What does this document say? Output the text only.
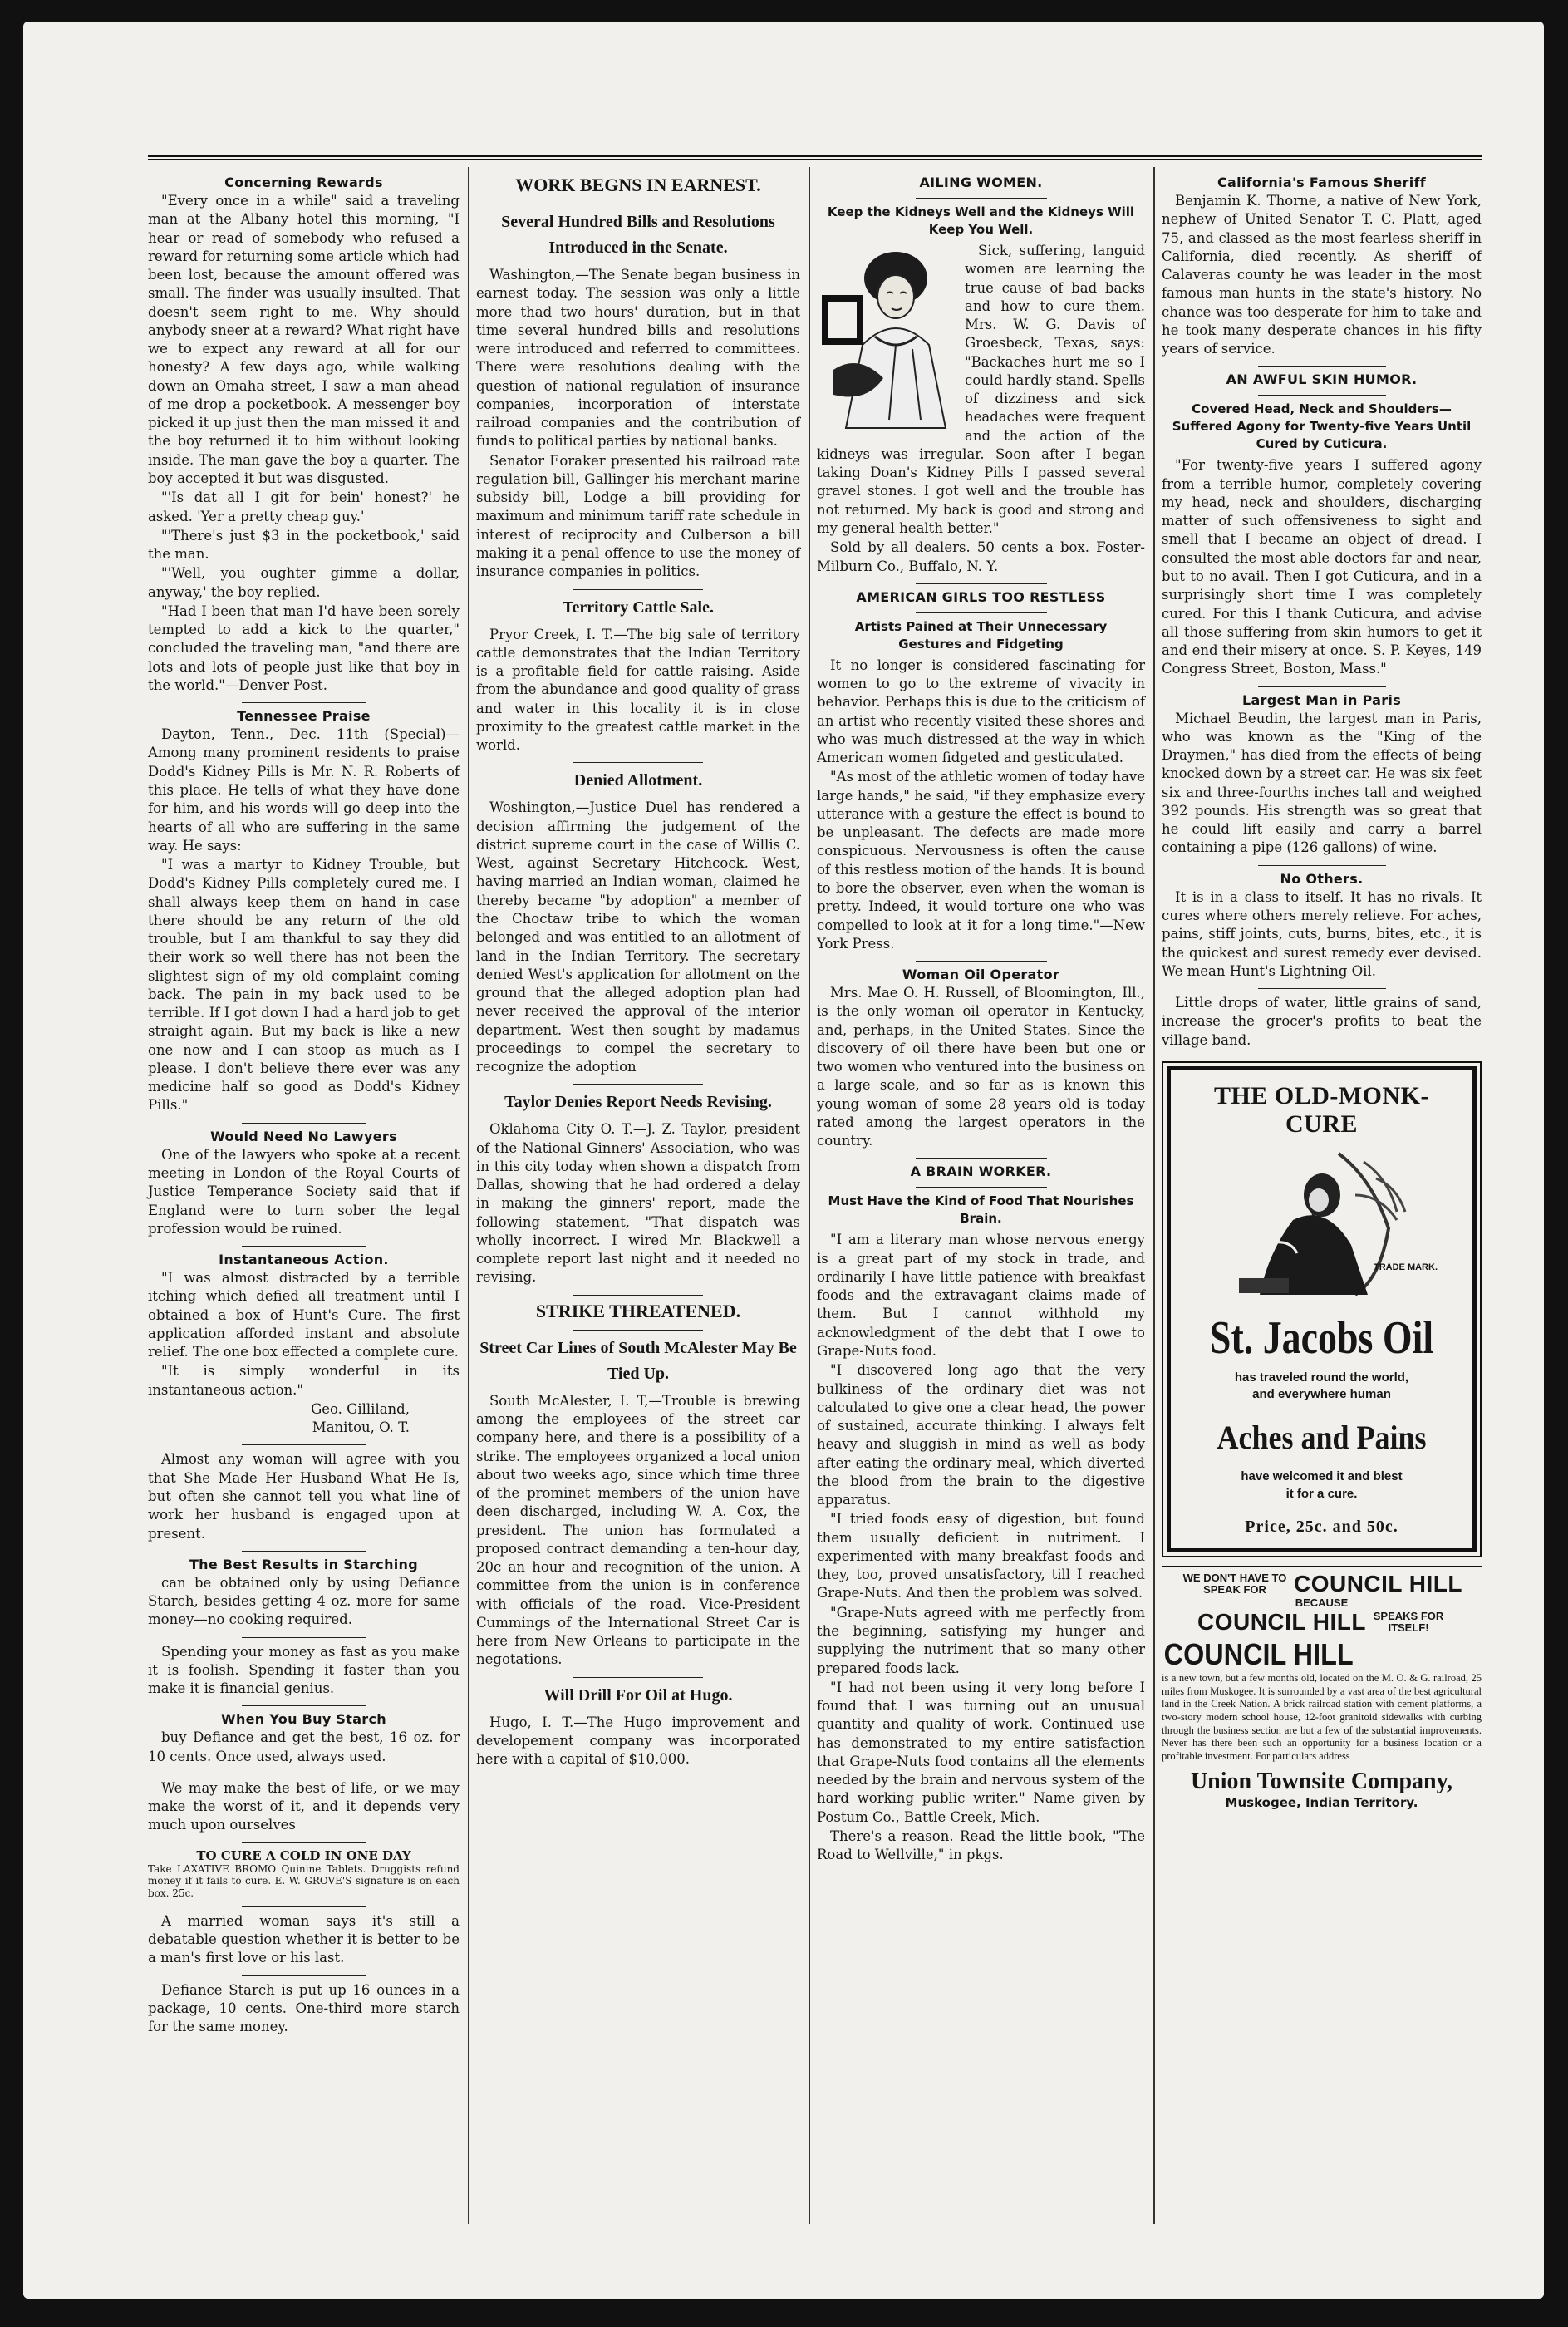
Concerning Rewards

"Every once in a while" said a traveling man at the Albany hotel this morning, "I hear or read of somebody who refused a reward for returning some article which had been lost, because the amount offered was small. The finder was usually insulted. That doesn't seem right to me. Why should anybody sneer at a reward? What right have we to expect any reward at all for our honesty? A few days ago, while walking down an Omaha street, I saw a man ahead of me drop a pocketbook. A messenger boy picked it up just then the man missed it and the boy returned it to him without looking inside. The man gave the boy a quarter. The boy accepted it but was disgusted.

"'Is dat all I git for bein' honest?' he asked. 'Yer a pretty cheap guy.'

"'There's just $3 in the pocketbook,' said the man.

"'Well, you oughter gimme a dollar, anyway,' the boy replied.

"Had I been that man I'd have been sorely tempted to add a kick to the quarter," concluded the traveling man, "and there are lots and lots of people just like that boy in the world."—Denver Post.

Tennessee Praise

Dayton, Tenn., Dec. 11th (Special)—Among many prominent residents to praise Dodd's Kidney Pills is Mr. N. R. Roberts of this place. He tells of what they have done for him, and his words will go deep into the hearts of all who are suffering in the same way. He says:

"I was a martyr to Kidney Trouble, but Dodd's Kidney Pills completely cured me. I shall always keep them on hand in case there should be any return of the old trouble, but I am thankful to say they did their work so well there has not been the slightest sign of my old complaint coming back. The pain in my back used to be terrible. If I got down I had a hard job to get straight again. But my back is like a new one now and I can stoop as much as I please. I don't believe there ever was any medicine half so good as Dodd's Kidney Pills."

Would Need No Lawyers

One of the lawyers who spoke at a recent meeting in London of the Royal Courts of Justice Temperance Society said that if England were to turn sober the legal profession would be ruined.

Instantaneous Action.

"I was almost distracted by a terrible itching which defied all treatment until I obtained a box of Hunt's Cure. The first application afforded instant and absolute relief. The one box effected a complete cure.

"It is simply wonderful in its instantaneous action."

Geo. Gilliland,
Manitou, O. T.

Almost any woman will agree with you that She Made Her Husband What He Is, but often she cannot tell you what line of work her husband is engaged upon at present.

The Best Results in Starching

can be obtained only by using Defiance Starch, besides getting 4 oz. more for same money—no cooking required.

Spending your money as fast as you make it is foolish. Spending it faster than you make it is financial genius.

When You Buy Starch

buy Defiance and get the best, 16 oz. for 10 cents. Once used, always used.

We may make the best of life, or we may make the worst of it, and it depends very much upon ourselves

TO CURE A COLD IN ONE DAY
Take LAXATIVE BROMO Quinine Tablets. Druggists refund money if it fails to cure. E. W. GROVE'S signature is on each box. 25c.

A married woman says it's still a debatable question whether it is better to be a man's first love or his last.

Defiance Starch is put up 16 ounces in a package, 10 cents. One-third more starch for the same money.

WORK BEGNS IN EARNEST.
Several Hundred Bills and Resolutions Introduced in the Senate.

Washington,—The Senate began business in earnest today. The session was only a little more thad two hours' duration, but in that time several hundred bills and resolutions were introduced and referred to committees. There were resolutions dealing with the question of national regulation of insurance companies, incorporation of interstate railroad companies and the contribution of funds to political parties by national banks.

Senator Eoraker presented his railroad rate regulation bill, Gallinger his merchant marine subsidy bill, Lodge a bill providing for maximum and minimum tariff rate schedule in interest of reciprocity and Culberson a bill making it a penal offence to use the money of insurance companies in politics.

Territory Cattle Sale.

Pryor Creek, I. T.—The big sale of territory cattle demonstrates that the Indian Territory is a profitable field for cattle raising. Aside from the abundance and good quality of grass and water in this locality it is in close proximity to the greatest cattle market in the world.

Denied Allotment.

Woshington,—Justice Duel has rendered a decision affirming the judgement of the district supreme court in the case of Willis C. West, against Secretary Hitchcock. West, having married an Indian woman, claimed he thereby became "by adoption" a member of the Choctaw tribe to which the woman belonged and was entitled to an allotment of land in the Indian Territory. The secretary denied West's application for allotment on the ground that the alleged adoption plan had never received the approval of the interior department. West then sought by madamus proceedings to compel the secretary to recognize the adoption

Taylor Denies Report Needs Revising.

Oklahoma City O. T.—J. Z. Taylor, president of the National Ginners' Association, who was in this city today when shown a dispatch from Dallas, showing that he had ordered a delay in making the ginners' report, made the following statement, "That dispatch was wholly incorrect. I wired Mr. Blackwell a complete report last night and it needed no revising.

STRIKE THREATENED.
Street Car Lines of South McAlester May Be Tied Up.

South McAlester, I. T,—Trouble is brewing among the employees of the street car company here, and there is a possibility of a strike. The employees organized a local union about two weeks ago, since which time three of the prominet members of the union have deen discharged, including W. A. Cox, the president. The union has formulated a proposed contract demanding a ten-hour day, 20c an hour and recognition of the union. A committee from the union is in conference with officials of the road. Vice-President Cummings of the International Street Car is here from New Orleans to participate in the negotations.

Will Drill For Oil at Hugo.

Hugo, I. T.—The Hugo improvement and developement company was incorporated here with a capital of $10,000.

AILING WOMEN.
Keep the Kidneys Well and the Kidneys Will Keep You Well.

Sick, suffering, languid women are learning the true cause of bad backs and how to cure them. Mrs. W. G. Davis of Groesbeck, Texas, says: "Backaches hurt me so I could hardly stand. Spells of dizziness and sick headaches were frequent and the action of the kidneys was irregular. Soon after I began taking Doan's Kidney Pills I passed several gravel stones. I got well and the trouble has not returned. My back is good and strong and my general health better."

Sold by all dealers. 50 cents a box. Foster-Milburn Co., Buffalo, N. Y.

AMERICAN GIRLS TOO RESTLESS
Artists Pained at Their Unnecessary Gestures and Fidgeting

It no longer is considered fascinating for women to go to the extreme of vivacity in behavior. Perhaps this is due to the criticism of an artist who recently visited these shores and who was much distressed at the way in which American women fidgeted and gesticulated.

"As most of the athletic women of today have large hands," he said, "if they emphasize every utterance with a gesture the effect is bound to be unpleasant. The defects are made more conspicuous. Nervousness is often the cause of this restless motion of the hands. It is bound to bore the observer, even when the woman is pretty. Indeed, it would torture one who was compelled to look at it for a long time."—New York Press.

Woman Oil Operator

Mrs. Mae O. H. Russell, of Bloomington, Ill., is the only woman oil operator in Kentucky, and, perhaps, in the United States. Since the discovery of oil there have been but one or two women who ventured into the business on a large scale, and so far as is known this young woman of some 28 years old is today rated among the largest operators in the country.

A BRAIN WORKER.
Must Have the Kind of Food That Nourishes Brain.

"I am a literary man whose nervous energy is a great part of my stock in trade, and ordinarily I have little patience with breakfast foods and the extravagant claims made of them. But I cannot withhold my acknowledgment of the debt that I owe to Grape-Nuts food.

"I discovered long ago that the very bulkiness of the ordinary diet was not calculated to give one a clear head, the power of sustained, accurate thinking. I always felt heavy and sluggish in mind as well as body after eating the ordinary meal, which diverted the blood from the brain to the digestive apparatus.

"I tried foods easy of digestion, but found them usually deficient in nutriment. I experimented with many breakfast foods and they, too, proved unsatisfactory, till I reached Grape-Nuts. And then the problem was solved.

"Grape-Nuts agreed with me perfectly from the beginning, satisfying my hunger and supplying the nutriment that so many other prepared foods lack.

"I had not been using it very long before I found that I was turning out an unusual quantity and quality of work. Continued use has demonstrated to my entire satisfaction that Grape-Nuts food contains all the elements needed by the brain and nervous system of the hard working public writer." Name given by Postum Co., Battle Creek, Mich.

There's a reason. Read the little book, "The Road to Wellville," in pkgs.

California's Famous Sheriff

Benjamin K. Thorne, a native of New York, nephew of United Senator T. C. Platt, aged 75, and classed as the most fearless sheriff in California, died recently. As sheriff of Calaveras county he was leader in the most famous man hunts in the state's history. No chance was too desperate for him to take and he took many desperate chances in his fifty years of service.

AN AWFUL SKIN HUMOR.
Covered Head, Neck and Shoulders—Suffered Agony for Twenty-five Years Until Cured by Cuticura.

"For twenty-five years I suffered agony from a terrible humor, completely covering my head, neck and shoulders, discharging matter of such offensiveness to sight and smell that I became an object of dread. I consulted the most able doctors far and near, but to no avail. Then I got Cuticura, and in a surprisingly short time I was completely cured. For this I thank Cuticura, and advise all those suffering from skin humors to get it and end their misery at once. S. P. Keyes, 149 Congress Street, Boston, Mass."

Largest Man in Paris

Michael Beudin, the largest man in Paris, who was known as the "King of the Draymen," has died from the effects of being knocked down by a street car. He was six feet six and three-fourths inches tall and weighed 392 pounds. His strength was so great that he could lift easily and carry a barrel containing a pipe (126 gallons) of wine.

No Others.

It is in a class to itself. It has no rivals. It cures where others merely relieve. For aches, pains, stiff joints, cuts, burns, bites, etc., it is the quickest and surest remedy ever devised. We mean Hunt's Lightning Oil.

Little drops of water, little grains of sand, increase the grocer's profits to beat the village band.

THE OLD-MONK-CURE
TRADE MARK.
St. Jacobs Oil
has traveled round the world,
and everywhere human
Aches and Pains
have welcomed it and blest
it for a cure.
Price, 25c. and 50c.
WE DON'T HAVE TO SPEAK FOR	COUNCIL HILL
BECAUSE
COUNCIL HILL SPEAKS FOR ITSELF!
COUNCIL HILL
is a new town, but a few months old, located on the M. O. & G. railroad, 25 miles from Muskogee. It is surrounded by a vast area of the best agricultural land in the Creek Nation. A brick railroad station with cement platforms, a two-story modern school house, 12-foot granitoid sidewalks with curbing through the business section are but a few of the substantial improvements. Never has there been such an opportunity for a business location or a profitable investment. For particulars address
Union Townsite Company,
Muskogee, Indian Territory.
